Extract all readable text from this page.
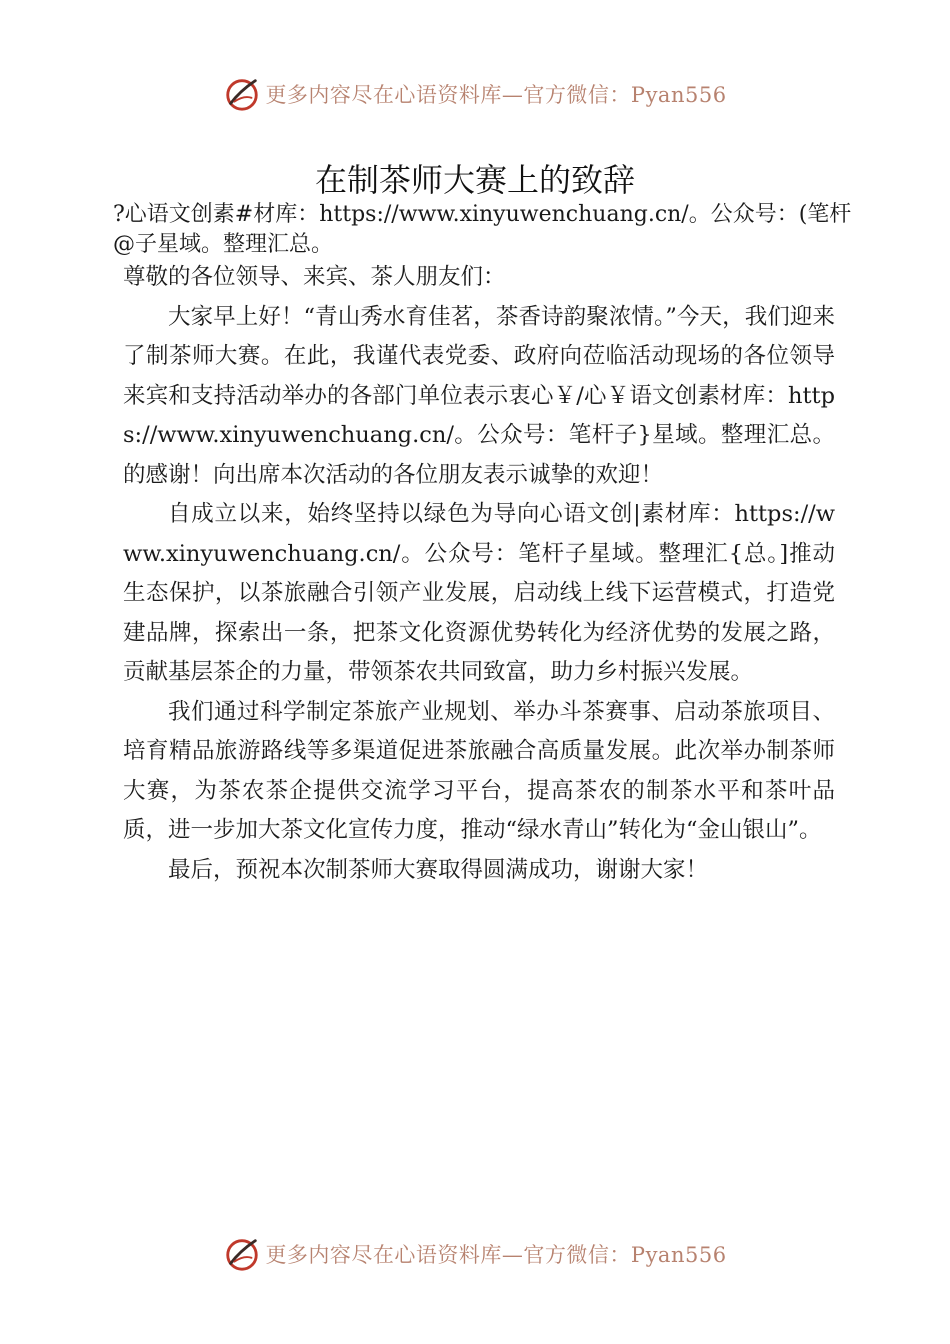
更多内容尽在心语资料库—官方微信：Pyan556
在制茶师大赛上的致辞

?心语文创素#材库：https://www.xinyuwenchuang.cn/。公众号：(笔杆@子星域。整理汇总。

尊敬的各位领导、来宾、茶人朋友们：

大家早上好！“青山秀水育佳茗，茶香诗韵聚浓情。”今天，我们迎来了制茶师大赛。在此，我谨代表党委、政府向莅临活动现场的各位领导来宾和支持活动举办的各部门单位表示衷心￥/心￥语文创素材库：https://www.xinyuwenchuang.cn/。公众号：笔杆子}星域。整理汇总。的感谢！向出席本次活动的各位朋友表示诚挚的欢迎！

自成立以来，始终坚持以绿色为导向心语文创|素材库：https://www.xinyuwenchuang.cn/。公众号：笔杆子星域。整理汇{总。]推动生态保护，以茶旅融合引领产业发展，启动线上线下运营模式，打造党建品牌，探索出一条，把茶文化资源优势转化为经济优势的发展之路，贡献基层茶企的力量，带领茶农共同致富，助力乡村振兴发展。

我们通过科学制定茶旅产业规划、举办斗茶赛事、启动茶旅项目、培育精品旅游路线等多渠道促进茶旅融合高质量发展。此次举办制茶师大赛，为茶农茶企提供交流学习平台，提高茶农的制茶水平和茶叶品质，进一步加大茶文化宣传力度，推动“绿水青山”转化为“金山银山”。

最后，预祝本次制茶师大赛取得圆满成功，谢谢大家！

更多内容尽在心语资料库—官方微信：Pyan556
